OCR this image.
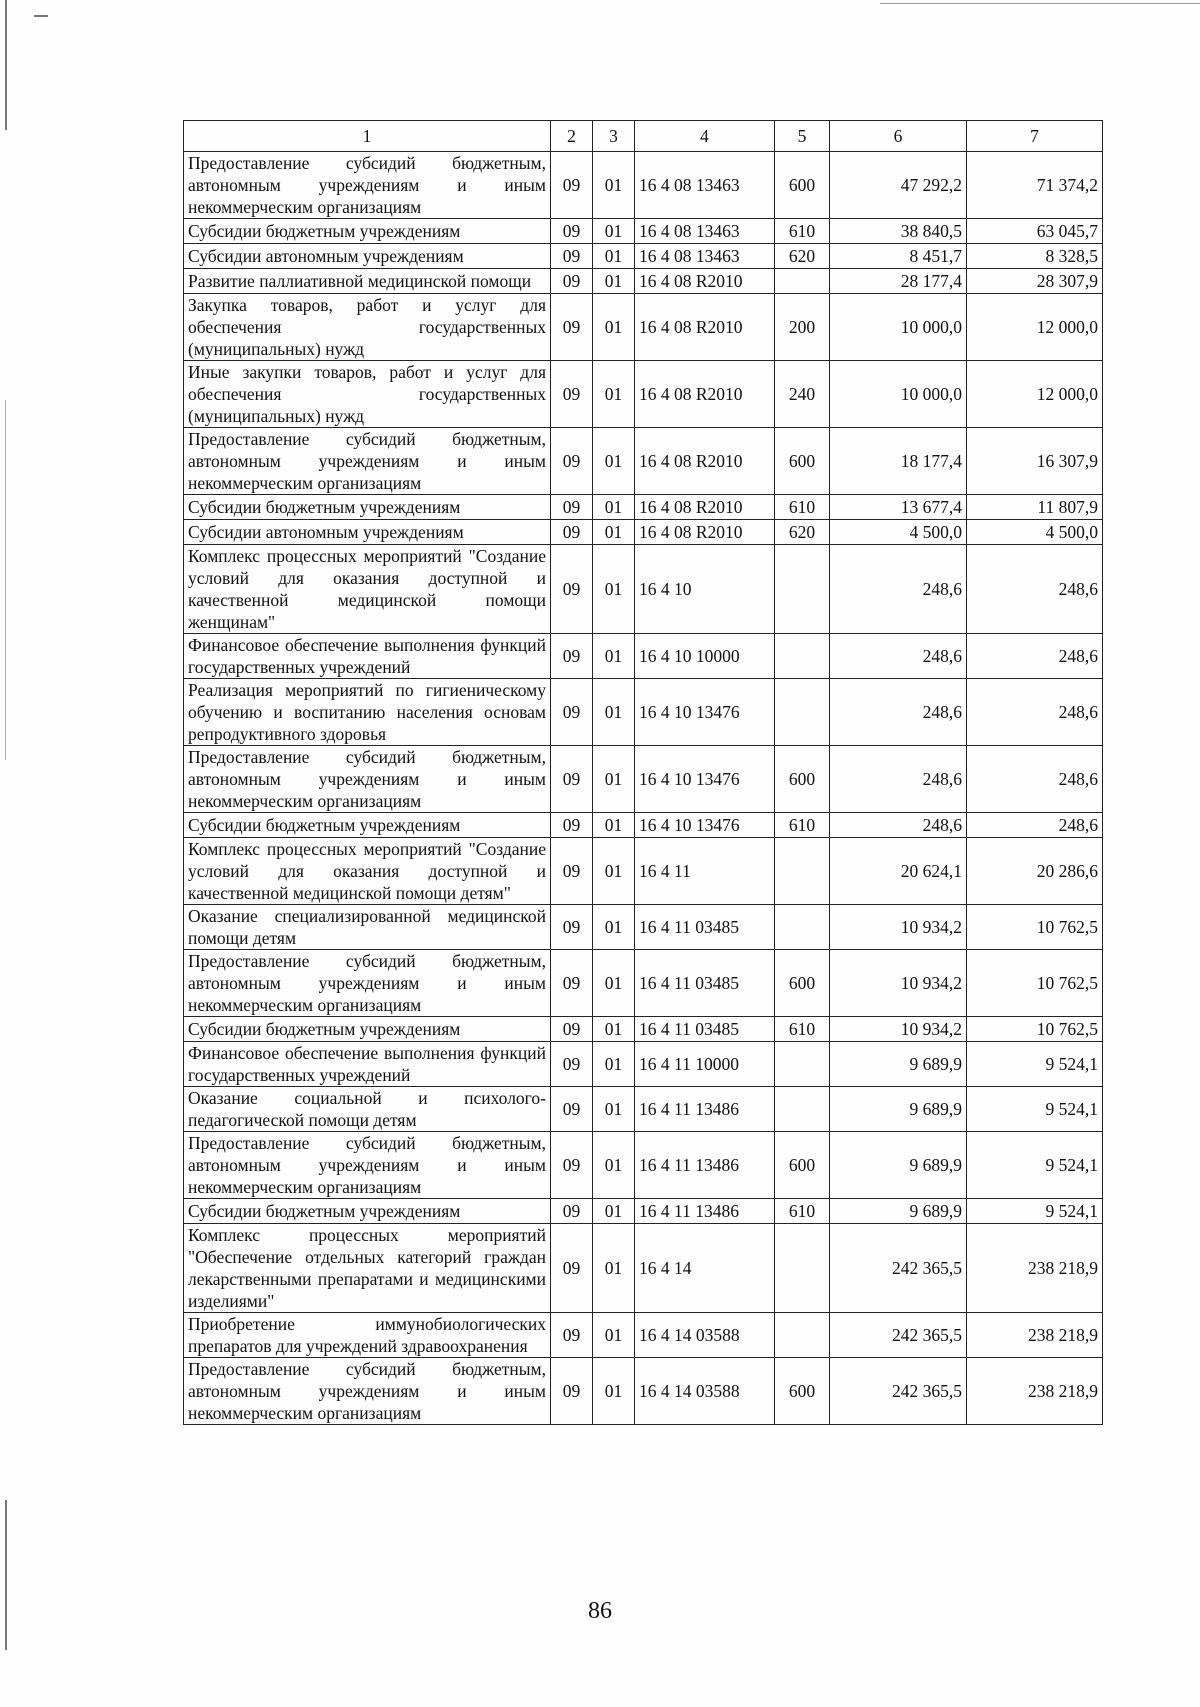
1	2	3	4	5	6	7
Предоставление субсидий бюджетным, автономным учреждениям и иным некоммерческим организациям	09	01	16 4 08 13463	600	47 292,2	71 374,2
Субсидии бюджетным учреждениям	09	01	16 4 08 13463	610	38 840,5	63 045,7
Субсидии автономным учреждениям	09	01	16 4 08 13463	620	8 451,7	8 328,5
Развитие паллиативной медицинской помощи	09	01	16 4 08 R2010		28 177,4	28 307,9
Закупка товаров, работ и услуг для обеспечения государственных (муниципальных) нужд	09	01	16 4 08 R2010	200	10 000,0	12 000,0
Иные закупки товаров, работ и услуг для обеспечения государственных (муниципальных) нужд	09	01	16 4 08 R2010	240	10 000,0	12 000,0
Предоставление субсидий бюджетным, автономным учреждениям и иным некоммерческим организациям	09	01	16 4 08 R2010	600	18 177,4	16 307,9
Субсидии бюджетным учреждениям	09	01	16 4 08 R2010	610	13 677,4	11 807,9
Субсидии автономным учреждениям	09	01	16 4 08 R2010	620	4 500,0	4 500,0
Комплекс процессных мероприятий "Создание условий для оказания доступной и качественной медицинской помощи женщинам"	09	01	16 4 10		248,6	248,6
Финансовое обеспечение выполнения функций государственных учреждений	09	01	16 4 10 10000		248,6	248,6
Реализация мероприятий по гигиеническому обучению и воспитанию населения основам репродуктивного здоровья	09	01	16 4 10 13476		248,6	248,6
Предоставление субсидий бюджетным, автономным учреждениям и иным некоммерческим организациям	09	01	16 4 10 13476	600	248,6	248,6
Субсидии бюджетным учреждениям	09	01	16 4 10 13476	610	248,6	248,6
Комплекс процессных мероприятий "Создание условий для оказания доступной и качественной медицинской помощи детям"	09	01	16 4 11		20 624,1	20 286,6
Оказание специализированной медицинской помощи детям	09	01	16 4 11 03485		10 934,2	10 762,5
Предоставление субсидий бюджетным, автономным учреждениям и иным некоммерческим организациям	09	01	16 4 11 03485	600	10 934,2	10 762,5
Субсидии бюджетным учреждениям	09	01	16 4 11 03485	610	10 934,2	10 762,5
Финансовое обеспечение выполнения функций государственных учреждений	09	01	16 4 11 10000		9 689,9	9 524,1
Оказание социальной и психолого-педагогической помощи детям	09	01	16 4 11 13486		9 689,9	9 524,1
Предоставление субсидий бюджетным, автономным учреждениям и иным некоммерческим организациям	09	01	16 4 11 13486	600	9 689,9	9 524,1
Субсидии бюджетным учреждениям	09	01	16 4 11 13486	610	9 689,9	9 524,1
Комплекс процессных мероприятий "Обеспечение отдельных категорий граждан лекарственными препаратами и медицинскими изделиями"	09	01	16 4 14		242 365,5	238 218,9
Приобретение иммунобиологических препаратов для учреждений здравоохранения	09	01	16 4 14 03588		242 365,5	238 218,9
Предоставление субсидий бюджетным, автономным учреждениям и иным некоммерческим организациям	09	01	16 4 14 03588	600	242 365,5	238 218,9
86
